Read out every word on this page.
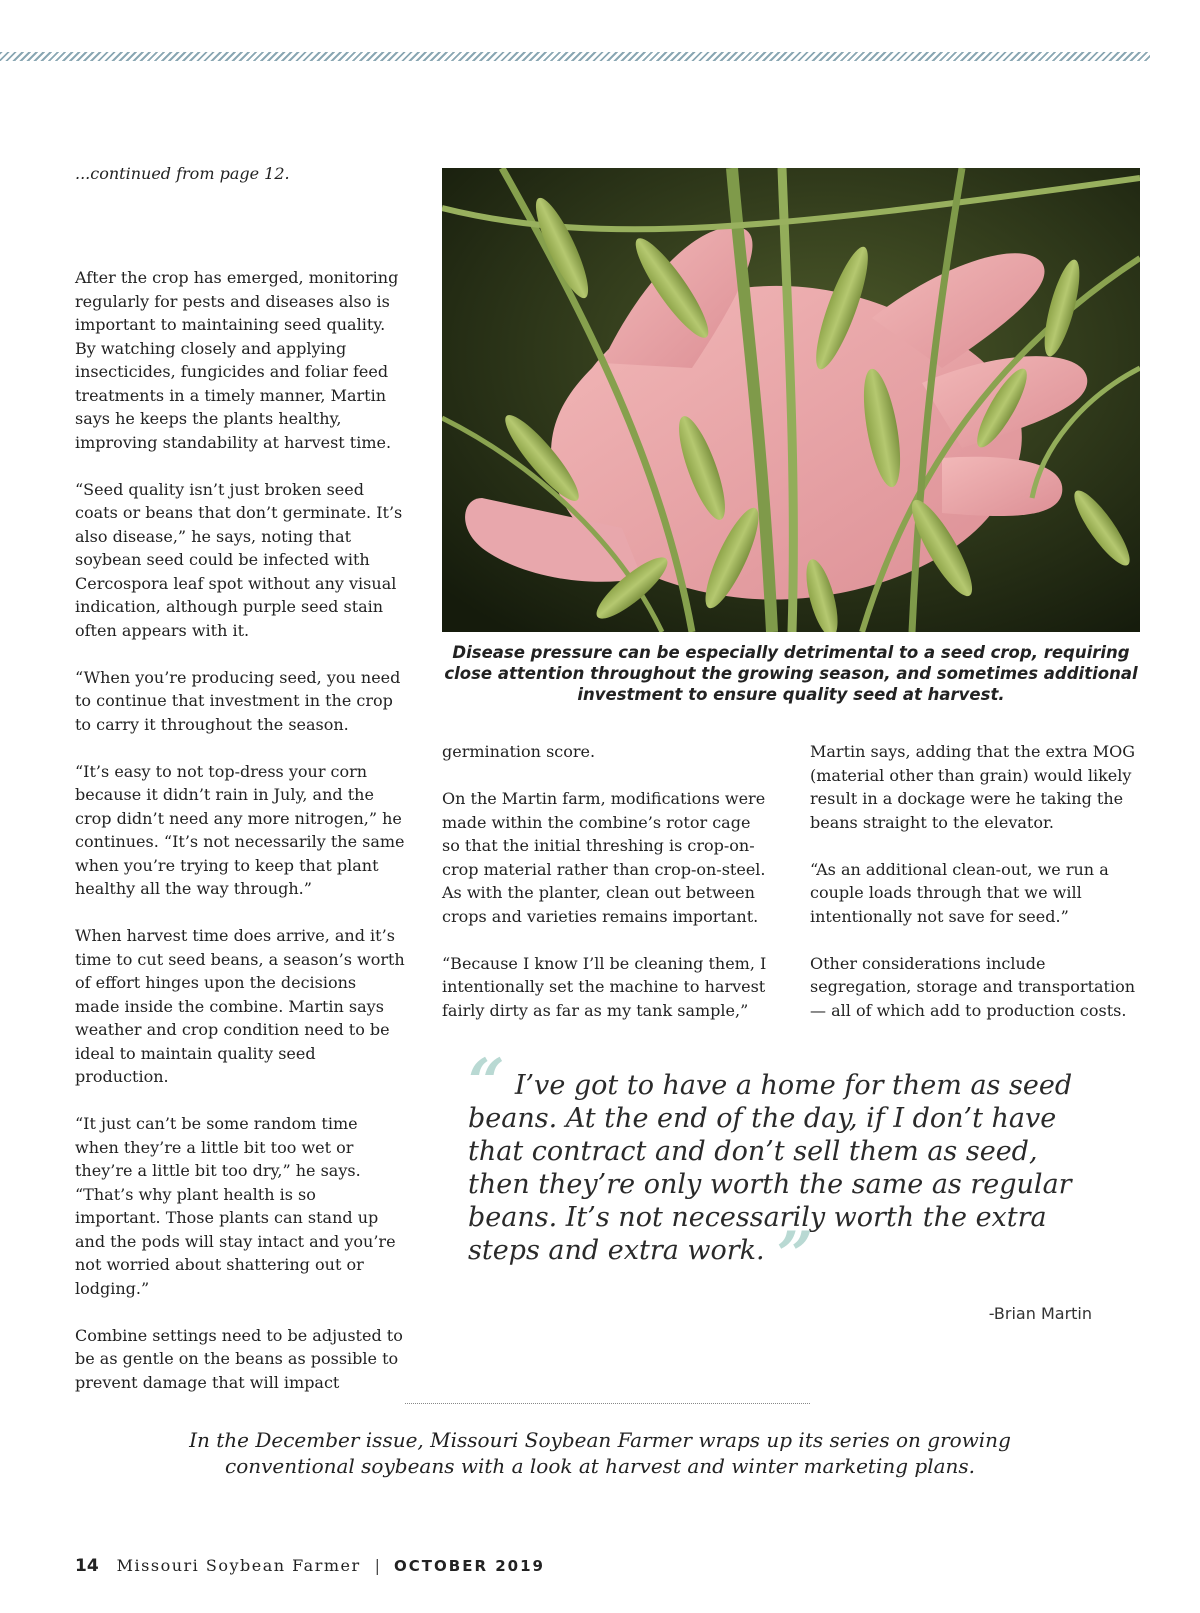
...continued from page 12.

After the crop has emerged, monitoring regularly for pests and diseases also is important to maintaining seed quality. By watching closely and applying insecticides, fungicides and foliar feed treatments in a timely manner, Martin says he keeps the plants healthy, improving standability at harvest time.

“Seed quality isn’t just broken seed coats or beans that don’t germinate. It’s also disease,” he says, noting that soybean seed could be infected with Cercospora leaf spot without any visual indication, although purple seed stain often appears with it.

“When you’re producing seed, you need to continue that investment in the crop to carry it throughout the season.

“It’s easy to not top-dress your corn because it didn’t rain in July, and the crop didn’t need any more nitrogen,” he continues. “It’s not necessarily the same when you’re trying to keep that plant healthy all the way through.”

When harvest time does arrive, and it’s time to cut seed beans, a season’s worth of effort hinges upon the decisions made inside the combine. Martin says weather and crop condition need to be ideal to maintain quality seed production.

“It just can’t be some random time when they’re a little bit too wet or they’re a little bit too dry,” he says. “That’s why plant health is so important. Those plants can stand up and the pods will stay intact and you’re not worried about shattering out or lodging.”

Combine settings need to be adjusted to be as gentle on the beans as possible to prevent damage that will impact

Disease pressure can be especially detrimental to a seed crop, requiring close attention throughout the growing season, and sometimes additional investment to ensure quality seed at harvest.

germination score.

On the Martin farm, modifications were made within the combine’s rotor cage so that the initial threshing is crop-on-crop material rather than crop-on-steel. As with the planter, clean out between crops and varieties remains important.

“Because I know I’ll be cleaning them, I intentionally set the machine to harvest fairly dirty as far as my tank sample,”

Martin says, adding that the extra MOG (material other than grain) would likely result in a dockage were he taking the beans straight to the elevator.

“As an additional clean-out, we run a couple loads through that we will intentionally not save for seed.”

Other considerations include segregation, storage and transportation — all of which add to production costs.

“ I’ve got to have a home for them as seed beans. At the end of the day, if I don’t have that contract and don’t sell them as seed, then they’re only worth the same as regular beans. It’s not necessarily worth the extra steps and extra work. ”
-Brian Martin
In the December issue, Missouri Soybean Farmer wraps up its series on growing conventional soybeans with a look at harvest and winter marketing plans.
14 Missouri Soybean Farmer | OCTOBER 2019
